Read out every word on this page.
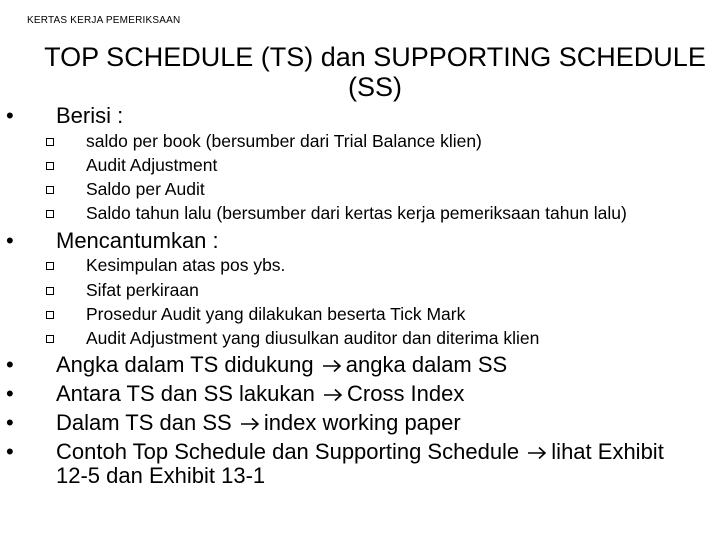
KERTAS KERJA PEMERIKSAAN
TOP SCHEDULE (TS) dan SUPPORTING SCHEDULE
(SS)
• Berisi :
saldo per book (bersumber dari Trial Balance klien)
Audit Adjustment
Saldo per Audit
Saldo tahun lalu (bersumber dari kertas kerja pemeriksaan tahun lalu)
• Mencantumkan :
Kesimpulan atas pos ybs.
Sifat perkiraan
Prosedur Audit yang dilakukan beserta Tick Mark
Audit Adjustment yang diusulkan auditor dan diterima klien
• Angka dalam TS didukung angka dalam SS
• Antara TS dan SS lakukan Cross Index
• Dalam TS dan SS index working paper
• Contoh Top Schedule dan Supporting Schedule lihat Exhibit 12-5 dan Exhibit 13-1
